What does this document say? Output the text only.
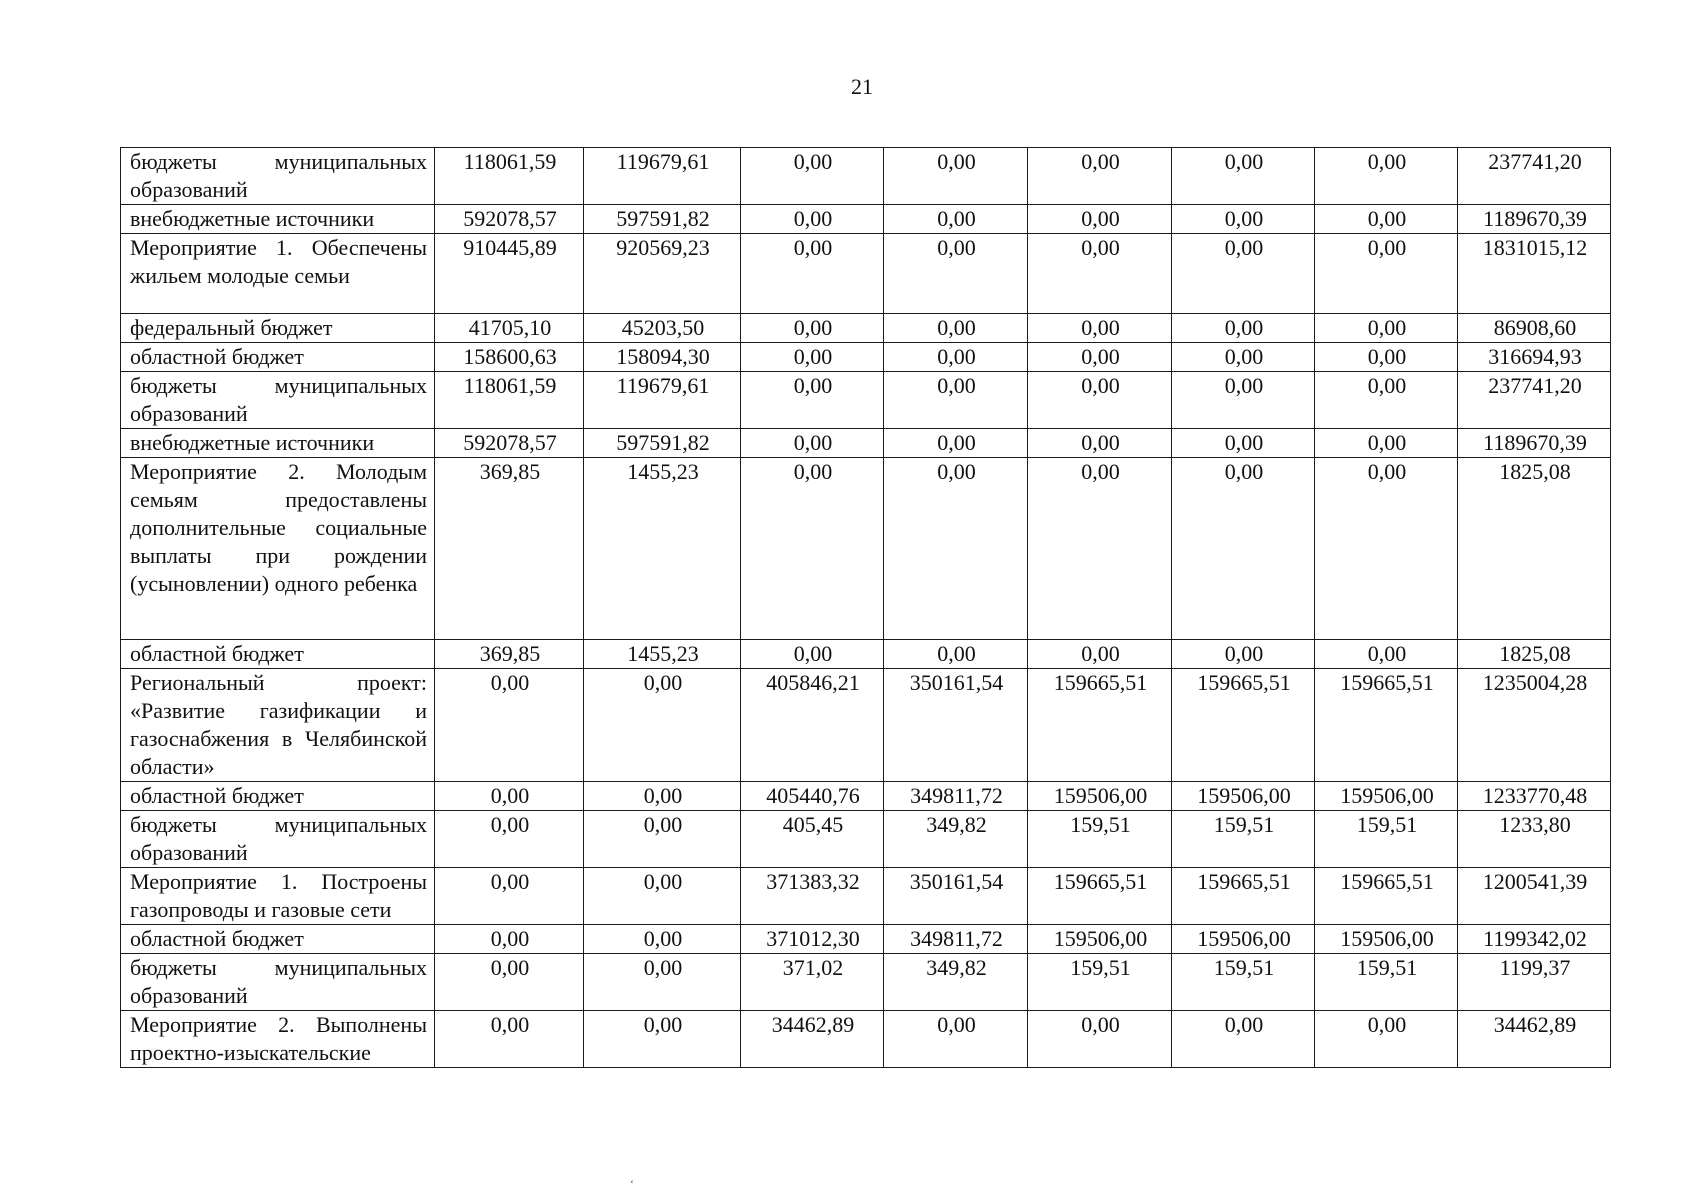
21
бюджеты муниципальных образований	118061,59	119679,61	0,00	0,00	0,00	0,00	0,00	237741,20
внебюджетные источники	592078,57	597591,82	0,00	0,00	0,00	0,00	0,00	1189670,39
Мероприятие 1. Обеспечены жильем молодые семьи	910445,89	920569,23	0,00	0,00	0,00	0,00	0,00	1831015,12
федеральный бюджет	41705,10	45203,50	0,00	0,00	0,00	0,00	0,00	86908,60
областной бюджет	158600,63	158094,30	0,00	0,00	0,00	0,00	0,00	316694,93
бюджеты муниципальных образований	118061,59	119679,61	0,00	0,00	0,00	0,00	0,00	237741,20
внебюджетные источники	592078,57	597591,82	0,00	0,00	0,00	0,00	0,00	1189670,39
Мероприятие 2. Молодым семьям предоставлены дополнительные социальные выплаты при рождении (усыновлении) одного ребенка	369,85	1455,23	0,00	0,00	0,00	0,00	0,00	1825,08
областной бюджет	369,85	1455,23	0,00	0,00	0,00	0,00	0,00	1825,08
Региональный проект: «Развитие газификации и газоснабжения в Челябинской области»	0,00	0,00	405846,21	350161,54	159665,51	159665,51	159665,51	1235004,28
областной бюджет	0,00	0,00	405440,76	349811,72	159506,00	159506,00	159506,00	1233770,48
бюджеты муниципальных образований	0,00	0,00	405,45	349,82	159,51	159,51	159,51	1233,80
Мероприятие 1. Построены газопроводы и газовые сети	0,00	0,00	371383,32	350161,54	159665,51	159665,51	159665,51	1200541,39
областной бюджет	0,00	0,00	371012,30	349811,72	159506,00	159506,00	159506,00	1199342,02
бюджеты муниципальных образований	0,00	0,00	371,02	349,82	159,51	159,51	159,51	1199,37
Мероприятие 2. Выполнены проектно-изыскательские	0,00	0,00	34462,89	0,00	0,00	0,00	0,00	34462,89
ʻ
